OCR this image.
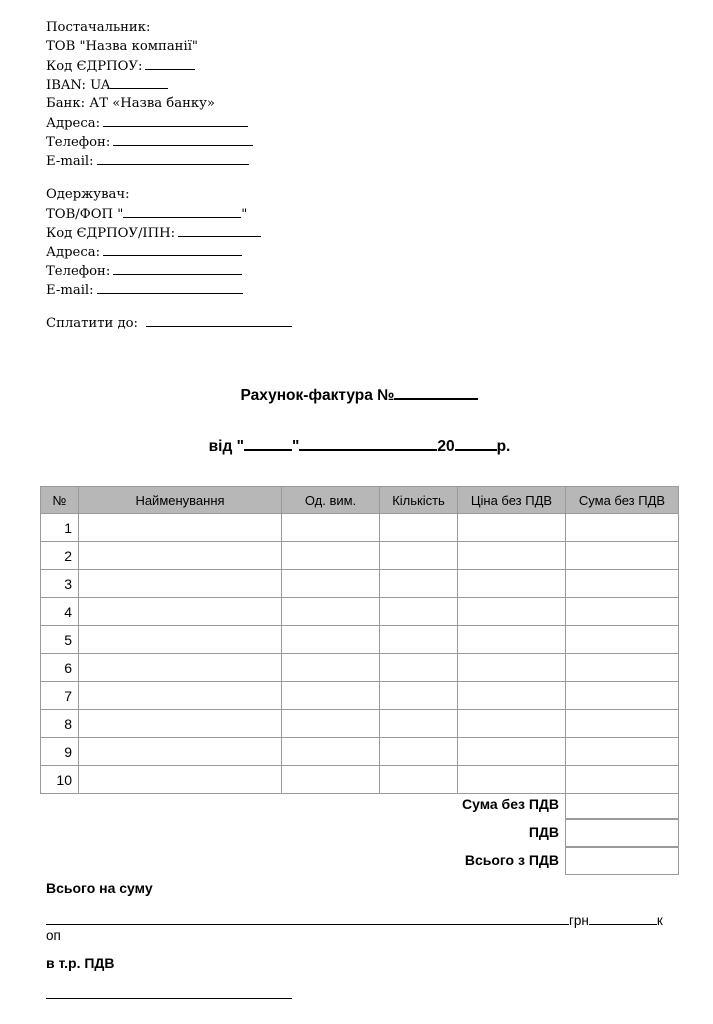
Постачальник:
ТОВ "Назва компанії"
Код ЄДРПОУ:
IBAN: UA
Банк: АТ «Назва банку»
Адреса:
Телефон:
E-mail:
Одержувач:
ТОВ/ФОП "	"
Код ЄДРПОУ/ІПН:
Адреса:
Телефон:
E-mail:
Сплатити до:
Рахунок-фактура №
від "	"	20	р.
№	Найменування	Од. вим.	Кількість	Ціна без ПДВ	Сума без ПДВ
1					
2					
3					
4					
5					
6					
7					
8					
9					
10					
Сума без ПДВ
ПДВ
Всього з ПДВ
Всього на суму
грн	к
оп
в т.р. ПДВ
